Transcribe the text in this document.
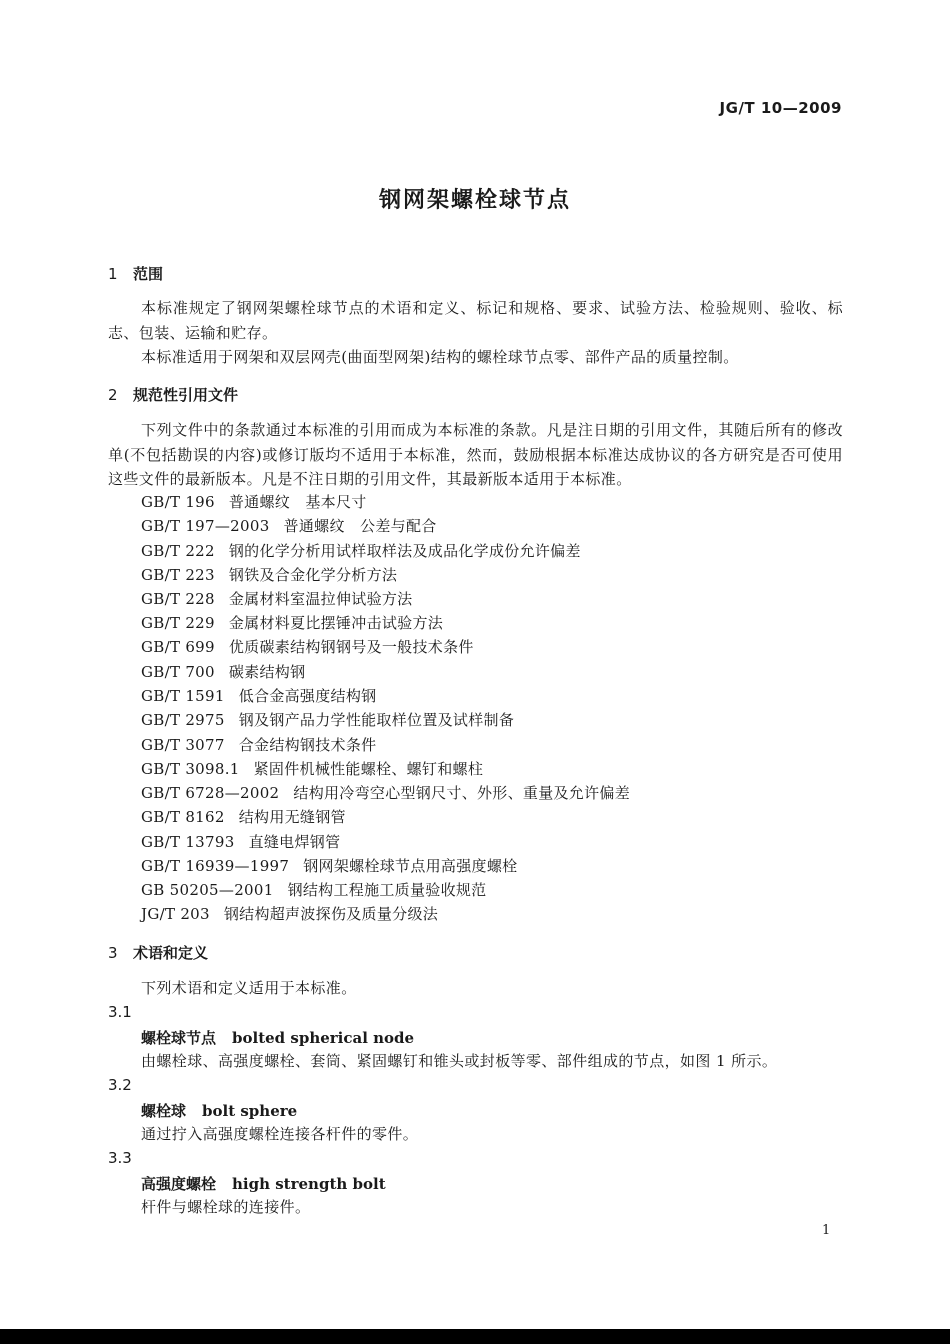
JG/T 10—2009
钢网架螺栓球节点
1 范围
本标准规定了钢网架螺栓球节点的术语和定义、标记和规格、要求、试验方法、检验规则、验收、标志、包装、运输和贮存。
本标准适用于网架和双层网壳(曲面型网架)结构的螺栓球节点零、部件产品的质量控制。
2 规范性引用文件
下列文件中的条款通过本标准的引用而成为本标准的条款。凡是注日期的引用文件，其随后所有的修改单(不包括勘误的内容)或修订版均不适用于本标准，然而，鼓励根据本标准达成协议的各方研究是否可使用这些文件的最新版本。凡是不注日期的引用文件，其最新版本适用于本标准。
GB/T 196 普通螺纹　基本尺寸
GB/T 197—2003 普通螺纹　公差与配合
GB/T 222 钢的化学分析用试样取样法及成品化学成份允许偏差
GB/T 223 钢铁及合金化学分析方法
GB/T 228 金属材料室温拉伸试验方法
GB/T 229 金属材料夏比摆锤冲击试验方法
GB/T 699 优质碳素结构钢钢号及一般技术条件
GB/T 700 碳素结构钢
GB/T 1591 低合金高强度结构钢
GB/T 2975 钢及钢产品力学性能取样位置及试样制备
GB/T 3077 合金结构钢技术条件
GB/T 3098.1 紧固件机械性能螺栓、螺钉和螺柱
GB/T 6728—2002 结构用冷弯空心型钢尺寸、外形、重量及允许偏差
GB/T 8162 结构用无缝钢管
GB/T 13793 直缝电焊钢管
GB/T 16939—1997 钢网架螺栓球节点用高强度螺栓
GB 50205—2001 钢结构工程施工质量验收规范
JG/T 203 钢结构超声波探伤及质量分级法
3 术语和定义
下列术语和定义适用于本标准。
3.1
螺栓球节点 bolted spherical node
由螺栓球、高强度螺栓、套筒、紧固螺钉和锥头或封板等零、部件组成的节点，如图 1 所示。
3.2
螺栓球 bolt sphere
通过拧入高强度螺栓连接各杆件的零件。
3.3
高强度螺栓 high strength bolt
杆件与螺栓球的连接件。
1
